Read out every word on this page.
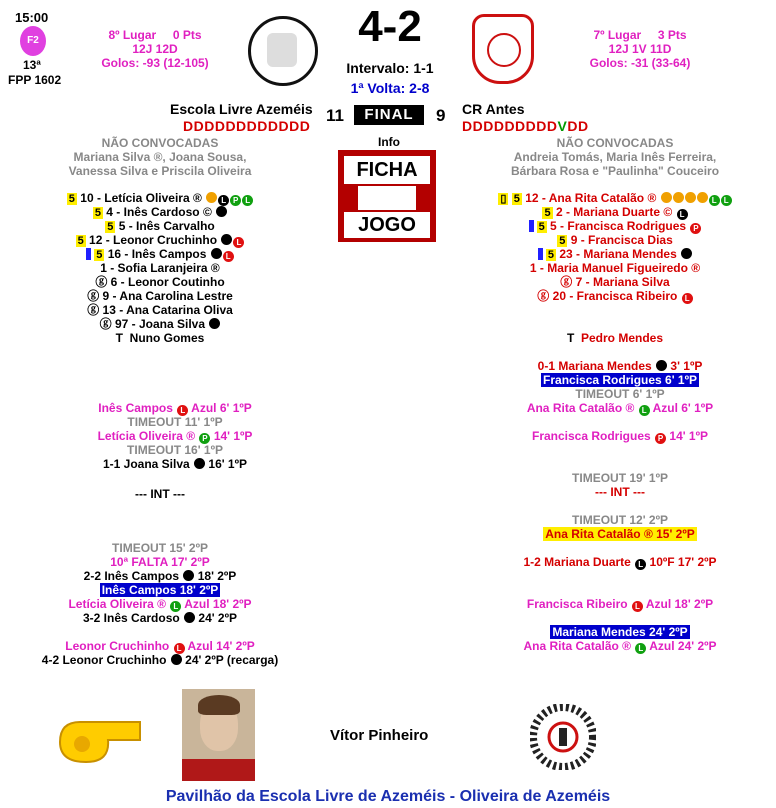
15:00
F2
13ª
FPP 1602
8º Lugar     0 Pts
12J 12D
Golos: -93 (12-105)
4-2
Intervalo: 1-1
1ª Volta: 2-8
7º Lugar     3 Pts
12J 1V 11D
Golos: -31 (33-64)
Escola Livre Azeméis
DDDDDDDDDDDD
11	FINAL	9 CR Antes
DDDDDDDDDVDD
Info
FICHA
JOGO
NÃO CONVOCADAS
Mariana Silva ®, Joana Sousa,
Vanessa Silva e Priscila Oliveira
5 10 - Letícia Oliveira ® L P L
5 4 - Inês Cardoso ©
5 5 - Inês Carvalho
5 12 - Leonor Cruchinho L
5 16 - Inês Campos L
1 - Sofia Laranjeira ®
ⓖ 6 - Leonor Coutinho
ⓖ 9 - Ana Carolina Lestre
ⓖ 13 - Ana Catarina Oliva
ⓖ 97 - Joana Silva
T  Nuno Gomes
NÃO CONVOCADAS
Andreia Tomás, Maria Inês Ferreira,
Bárbara Rosa e "Paulinha" Couceiro
▯ 5 12 - Ana Rita Catalão ®	L L
5 2 - Mariana Duarte © L
5 5 - Francisca Rodrigues P
5 9 - Francisca Dias
5 23 - Mariana Mendes
1 - Maria Manuel Figueiredo ®
ⓖ 7 - Mariana Silva
ⓖ 20 - Francisca Ribeiro L
T Pedro Mendes
Inês Campos L Azul 6' 1ºP
TIMEOUT 11' 1ºP
Letícia Oliveira ® P 14' 1ºP
TIMEOUT 16' 1ºP
1-1 Joana Silva 16' 1ºP
--- INT ---
TIMEOUT 15' 2ºP
10ª FALTA 17' 2ºP
2-2 Inês Campos 18' 2ºP
Inês Campos 18' 2ºP
Letícia Oliveira ® L Azul 18' 2ºP
3-2 Inês Cardoso 24' 2ºP
Leonor Cruchinho L Azul 14' 2ºP
4-2 Leonor Cruchinho 24' 2ºP (recarga)
0-1 Mariana Mendes 3' 1ºP
Francisca Rodrigues 6' 1ºP
TIMEOUT 6' 1ºP
Ana Rita Catalão ® L Azul 6' 1ºP
Francisca Rodrigues P 14' 1ºP
TIMEOUT 19' 1ºP
--- INT ---
TIMEOUT 12' 2ºP
Ana Rita Catalão ® 15' 2ºP
1-2 Mariana Duarte L 10ºF 17' 2ºP
Francisca Ribeiro L Azul 18' 2ºP
Mariana Mendes 24' 2ºP
Ana Rita Catalão ® L Azul 24' 2ºP
Vítor Pinheiro
Pavilhão da Escola Livre de Azeméis - Oliveira de Azeméis
